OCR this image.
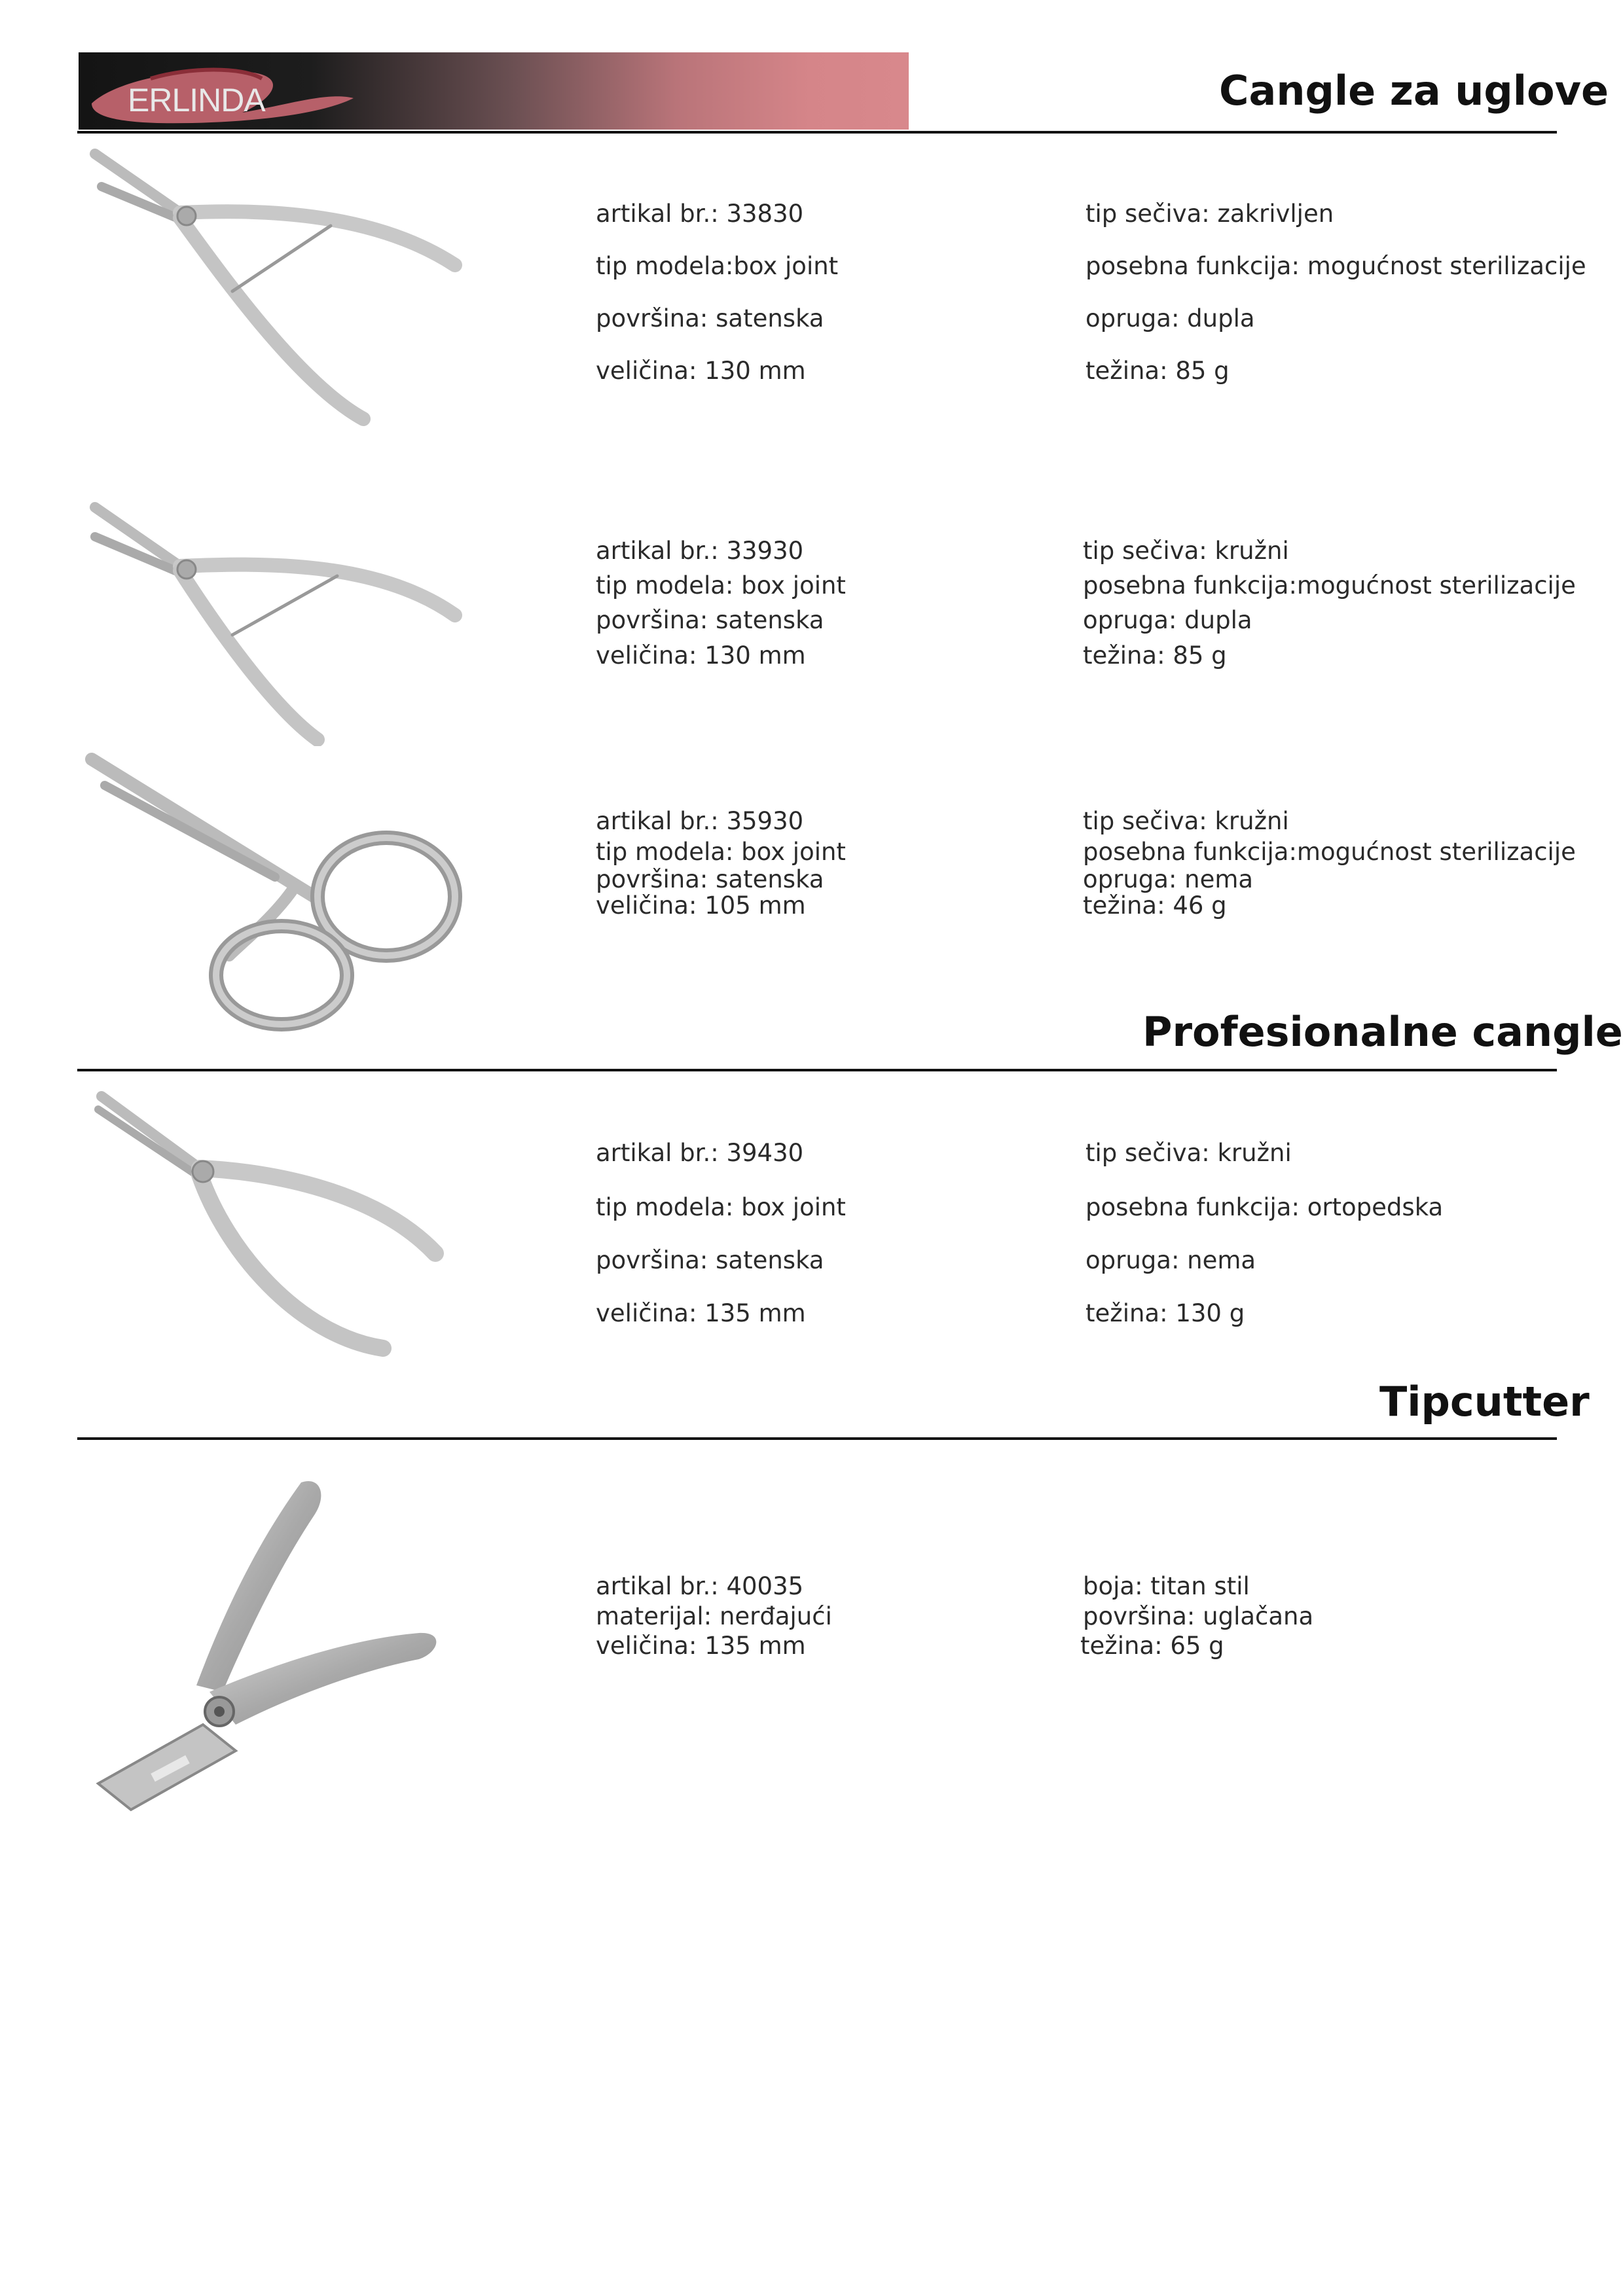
ERLINDA	Cangle za uglove
artikal br.: 33830
tip modela:box joint
površina: satenska
veličina: 130 mm
tip sečiva: zakrivljen
posebna funkcija: mogućnost sterilizacije
opruga: dupla
težina: 85 g
artikal br.: 33930
tip modela: box joint
površina: satenska
veličina: 130 mm
tip sečiva: kružni
posebna funkcija:mogućnost sterilizacije
opruga: dupla
težina: 85 g
artikal br.: 35930
tip modela: box joint
površina: satenska
veličina: 105 mm
tip sečiva: kružni
posebna funkcija:mogućnost sterilizacije
opruga: nema
težina: 46 g
Profesionalne cangle
artikal br.: 39430
tip modela: box joint
površina: satenska
veličina: 135 mm
tip sečiva: kružni
posebna funkcija: ortopedska
opruga: nema
težina: 130 g
Tipcutter
artikal br.: 40035
materijal: nerđajući
veličina: 135 mm
boja: titan stil
površina: uglačana
težina: 65 g
